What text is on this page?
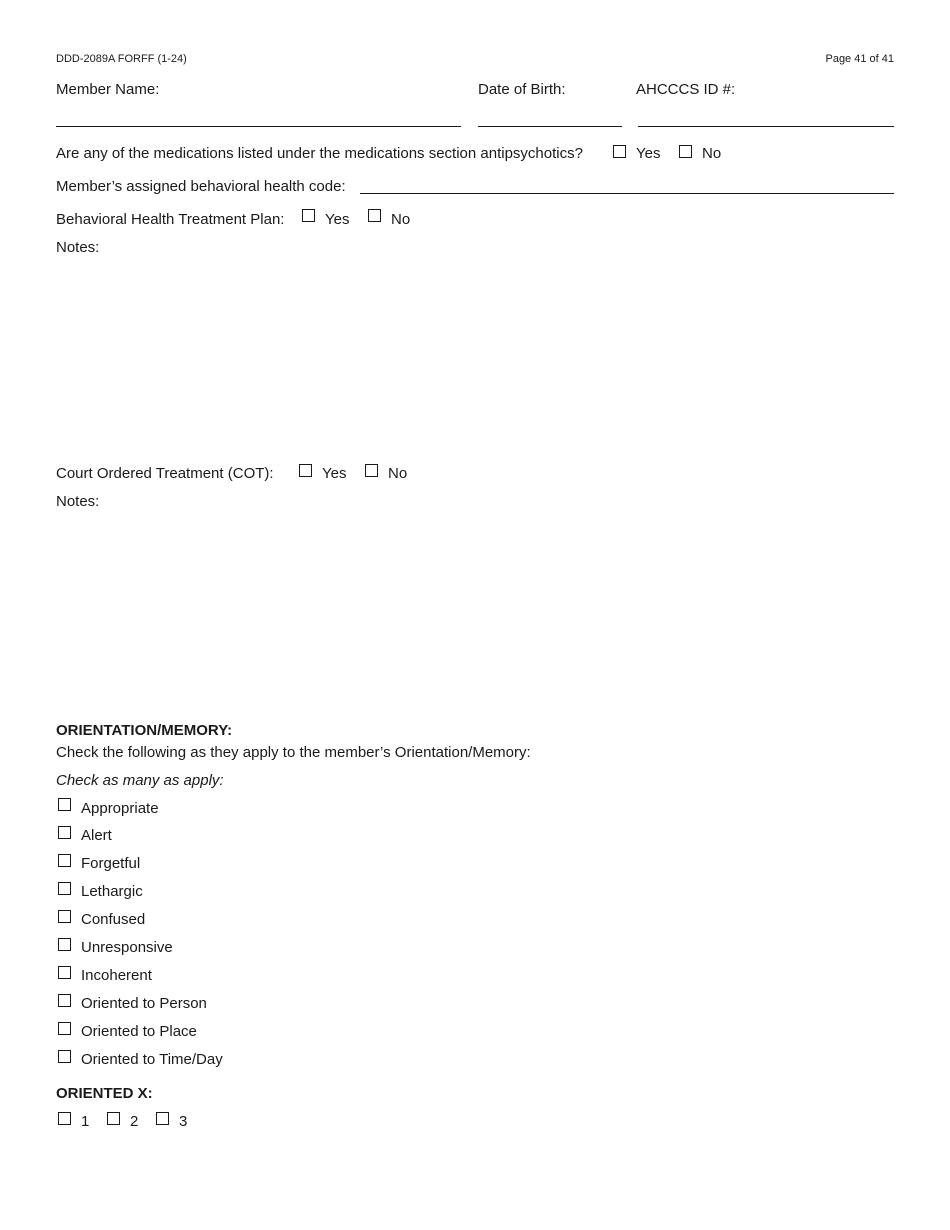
DDD-2089A FORFF (1-24)	Page 41 of 41
Member Name:	Date of Birth:	AHCCCS ID #:
Are any of the medications listed under the medications section antipsychotics?	Yes	No
Member’s assigned behavioral health code:
Behavioral Health Treatment Plan:	Yes	No
Notes:
Court Ordered Treatment (COT):	Yes	No
Notes:
ORIENTATION/MEMORY:
Check the following as they apply to the member’s Orientation/Memory:
Check as many as apply:
Appropriate
Alert
Forgetful
Lethargic
Confused
Unresponsive
Incoherent
Oriented to Person
Oriented to Place
Oriented to Time/Day
ORIENTED X:
1	2	3
